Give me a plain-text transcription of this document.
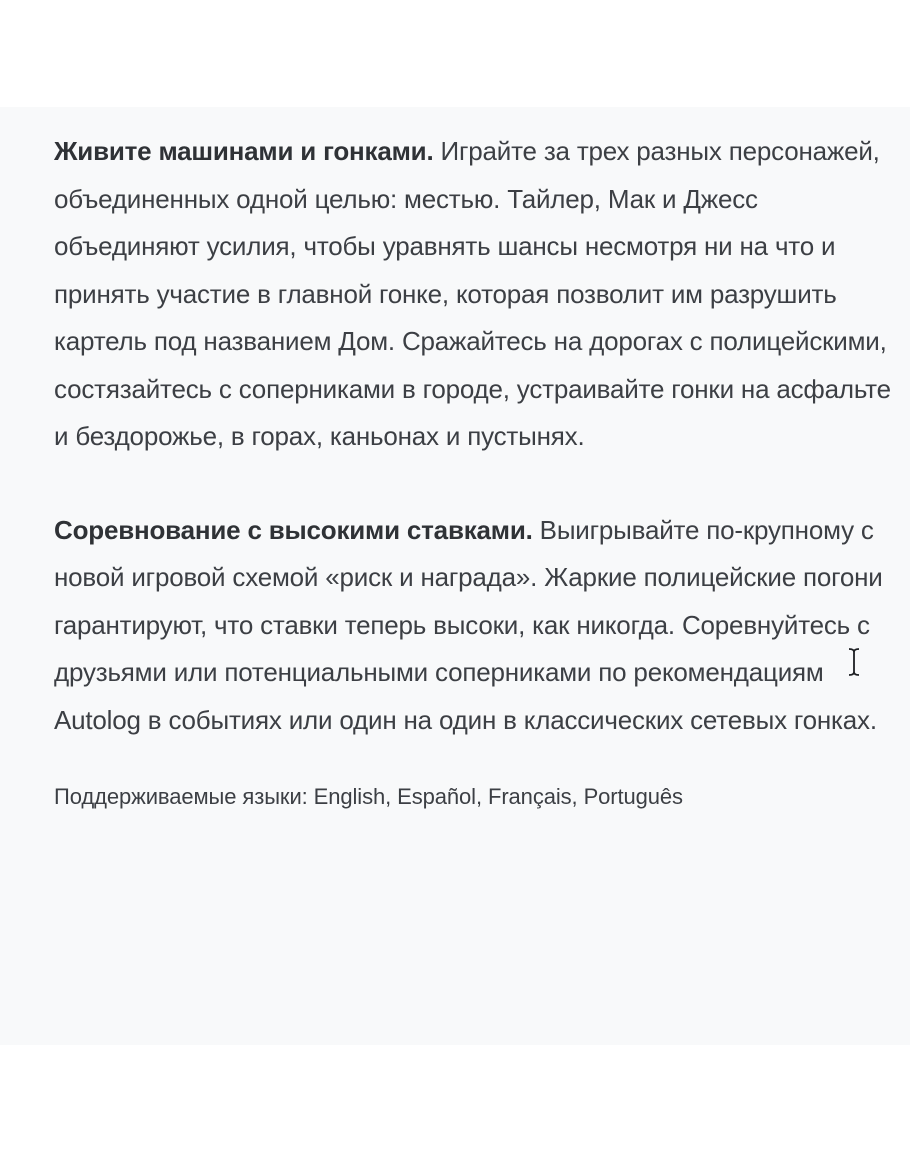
Живите машинами и гонками. Играйте за трех разных персонажей, объединенных одной целью: местью. Тайлер, Мак и Джесс объединяют усилия, чтобы уравнять шансы несмотря ни на что и принять участие в главной гонке, которая позволит им разрушить картель под названием Дом. Сражайтесь на дорогах с полицейскими, состязайтесь с соперниками в городе, устраивайте гонки на асфальте и бездорожье, в горах, каньонах и пустынях.

Соревнование с высокими ставками. Выигрывайте по-крупному с новой игровой схемой «риск и награда». Жаркие полицейские погони гарантируют, что ставки теперь высоки, как никогда. Соревнуйтесь с друзьями или потенциальными соперниками по рекомендациям Autolog в событиях или один на один в классических сетевых гонках.

Поддерживаемые языки: English, Español, Français, Português
